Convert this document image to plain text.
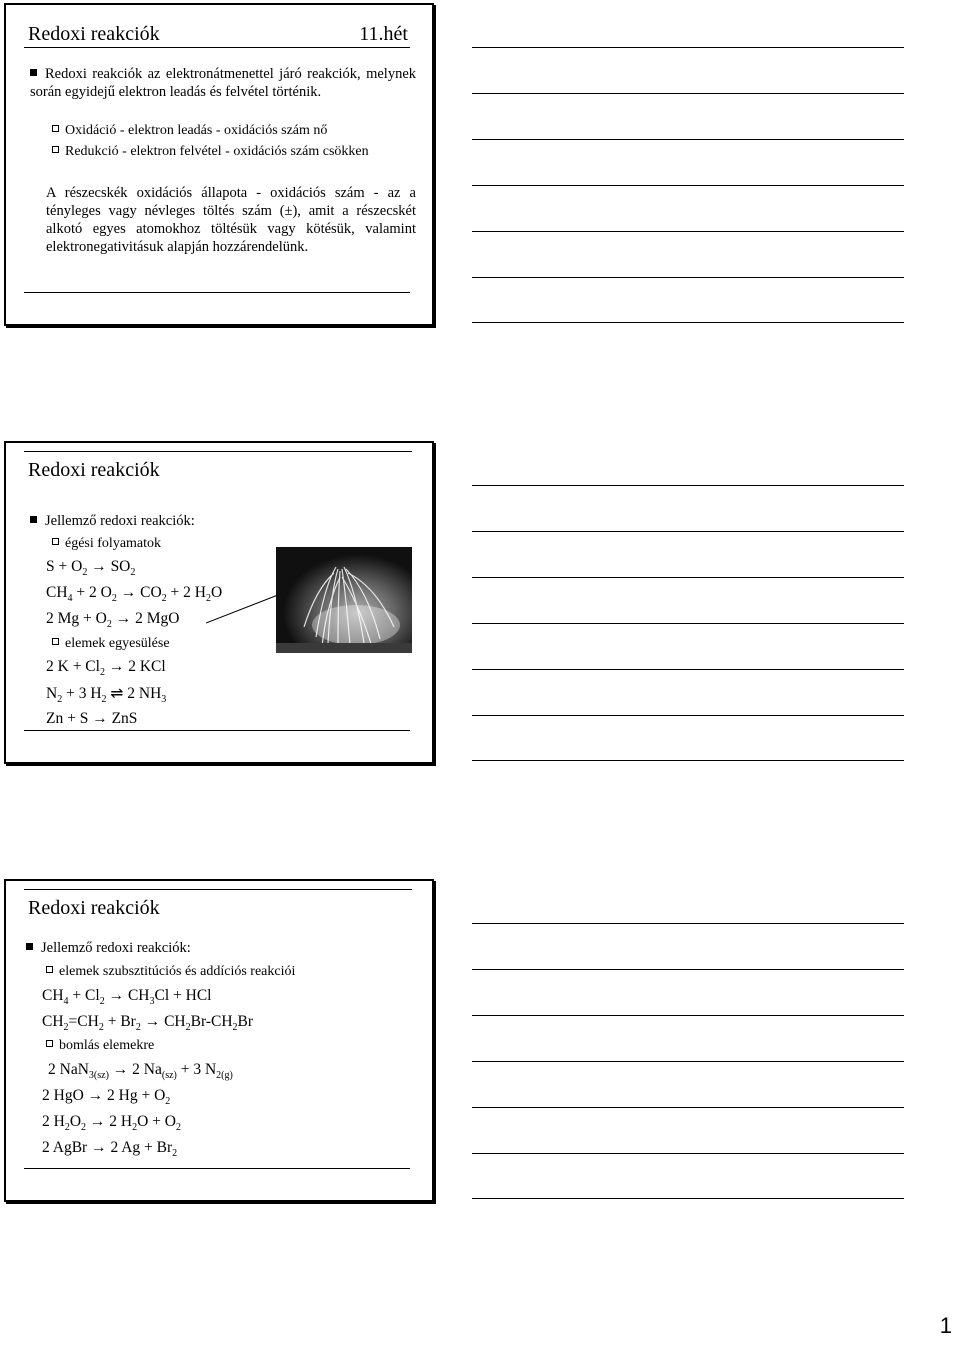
Redoxi reakciók	11.hét
Redoxi reakciók az elektronátmenettel járó reakciók, melynek során egyidejű elektron leadás és felvétel történik.
Oxidáció - elektron leadás - oxidációs szám nő
Redukció - elektron felvétel - oxidációs szám csökken
A részecskék oxidációs állapota - oxidációs szám - az a tényleges vagy névleges töltés szám (±), amit a részecskét alkotó egyes atomokhoz töltésük vagy kötésük, valamint elektronegativitásuk alapján hozzárendelünk.
Redoxi reakciók
Jellemző redoxi reakciók:
égési folyamatok
$S + O_2 \to SO_2$
$CH_4 + 2$ $O_2 \to CO_2 + 2$ $H_2O$
2 $Mg + O_2 \to 2$ MgO
elemek egyesülése
2 $K + Cl_2 \to 2$ KCl
$N_2 + 3$ $H_2$ ⇌ 2 $NH_3$
Zn + S → ZnS
Redoxi reakciók
Jellemző redoxi reakciók:
elemek szubsztitúciós és addíciós reakciói
$CH_4 + Cl_2 \to CH_3Cl$ + HCl
$CH_2=CH_2 + Br_2 \to CH_2Br-CH_2Br$
bomlás elemekre
2 NaN$_{3(sz)}$ → 2 $Na_{(sz)} + 3$ $N_{2(g)}$
2 HgO → 2 $Hg + O_2$
2 $H_2O_2 \to 2$ $H_2O + O_2$
2 AgBr → 2 $Ag + Br_2$
1
